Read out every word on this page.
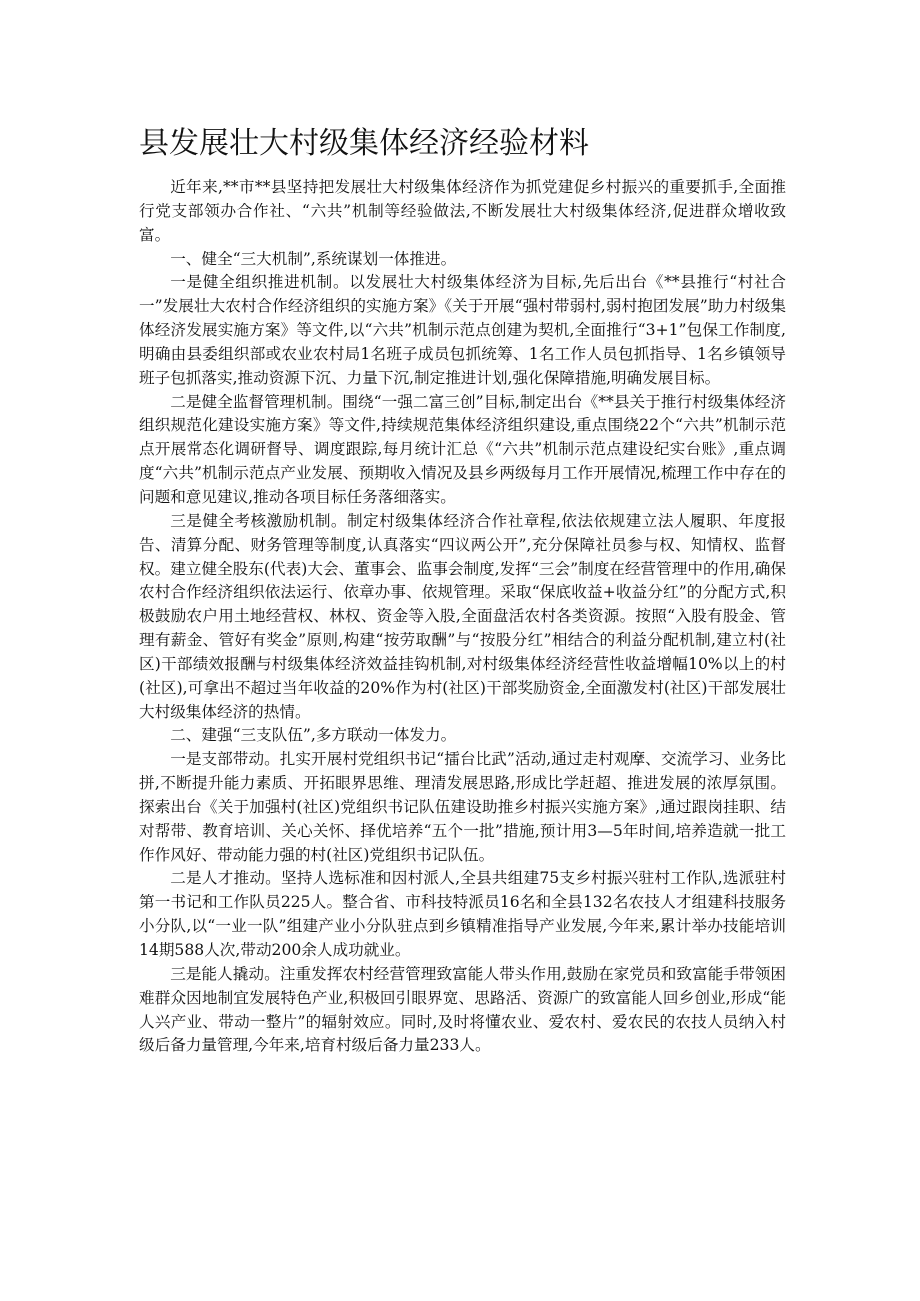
县发展壮大村级集体经济经验材料

近年来,**市**县坚持把发展壮大村级集体经济作为抓党建促乡村振兴的重要抓手,全面推行党支部领办合作社、“六共”机制等经验做法,不断发展壮大村级集体经济,促进群众增收致富。

一、健全“三大机制”,系统谋划一体推进。

一是健全组织推进机制。以发展壮大村级集体经济为目标,先后出台《**县推行“村社合一”发展壮大农村合作经济组织的实施方案》《关于开展“强村带弱村,弱村抱团发展”助力村级集体经济发展实施方案》等文件,以“六共”机制示范点创建为契机,全面推行“3+1”包保工作制度,明确由县委组织部或农业农村局1名班子成员包抓统筹、1名工作人员包抓指导、1名乡镇领导班子包抓落实,推动资源下沉、力量下沉,制定推进计划,强化保障措施,明确发展目标。

二是健全监督管理机制。围绕“一强二富三创”目标,制定出台《**县关于推行村级集体经济组织规范化建设实施方案》等文件,持续规范集体经济组织建设,重点围绕22个“六共”机制示范点开展常态化调研督导、调度跟踪,每月统计汇总《“六共”机制示范点建设纪实台账》,重点调度“六共”机制示范点产业发展、预期收入情况及县乡两级每月工作开展情况,梳理工作中存在的问题和意见建议,推动各项目标任务落细落实。

三是健全考核激励机制。制定村级集体经济合作社章程,依法依规建立法人履职、年度报告、清算分配、财务管理等制度,认真落实“四议两公开”,充分保障社员参与权、知情权、监督权。建立健全股东(代表)大会、董事会、监事会制度,发挥“三会”制度在经营管理中的作用,确保农村合作经济组织依法运行、依章办事、依规管理。采取“保底收益+收益分红”的分配方式,积极鼓励农户用土地经营权、林权、资金等入股,全面盘活农村各类资源。按照“入股有股金、管理有薪金、管好有奖金”原则,构建“按劳取酬”与“按股分红”相结合的利益分配机制,建立村(社区)干部绩效报酬与村级集体经济效益挂钩机制,对村级集体经济经营性收益增幅10%以上的村(社区),可拿出不超过当年收益的20%作为村(社区)干部奖励资金,全面激发村(社区)干部发展壮大村级集体经济的热情。

二、建强“三支队伍”,多方联动一体发力。

一是支部带动。扎实开展村党组织书记“擂台比武”活动,通过走村观摩、交流学习、业务比拼,不断提升能力素质、开拓眼界思维、理清发展思路,形成比学赶超、推进发展的浓厚氛围。探索出台《关于加强村(社区)党组织书记队伍建设助推乡村振兴实施方案》,通过跟岗挂职、结对帮带、教育培训、关心关怀、择优培养“五个一批”措施,预计用3—5年时间,培养造就一批工作作风好、带动能力强的村(社区)党组织书记队伍。

二是人才推动。坚持人选标准和因村派人,全县共组建75支乡村振兴驻村工作队,选派驻村第一书记和工作队员225人。整合省、市科技特派员16名和全县132名农技人才组建科技服务小分队,以“一业一队”组建产业小分队驻点到乡镇精准指导产业发展,今年来,累计举办技能培训14期588人次,带动200余人成功就业。

三是能人撬动。注重发挥农村经营管理致富能人带头作用,鼓励在家党员和致富能手带领困难群众因地制宜发展特色产业,积极回引眼界宽、思路活、资源广的致富能人回乡创业,形成“能人兴产业、带动一整片”的辐射效应。同时,及时将懂农业、爱农村、爱农民的农技人员纳入村级后备力量管理,今年来,培育村级后备力量233人。
